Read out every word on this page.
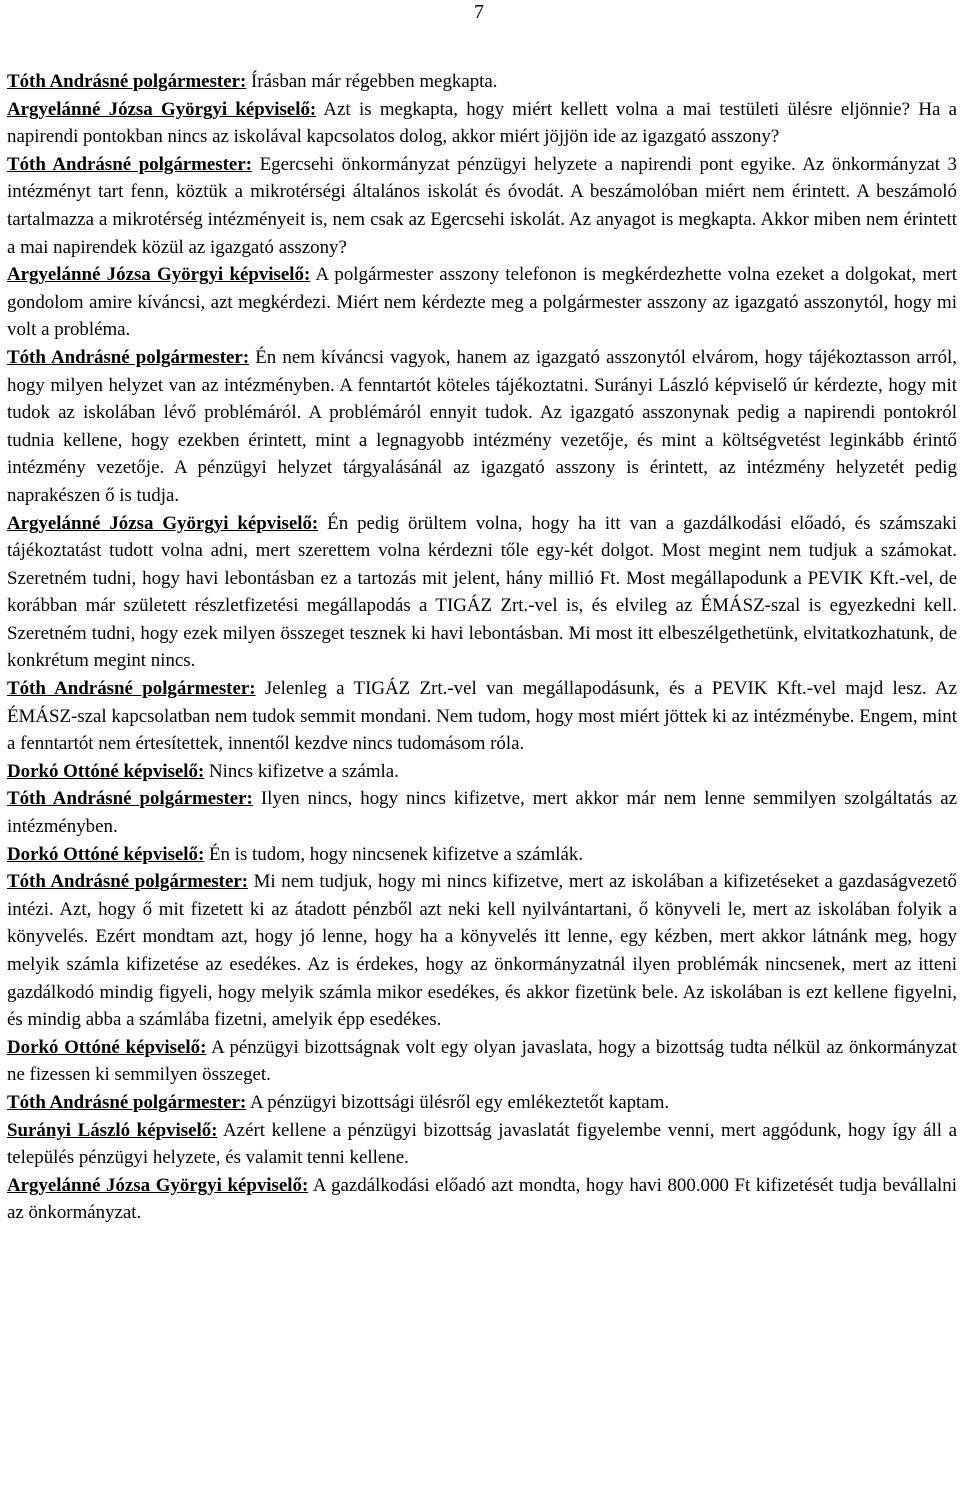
7

Tóth Andrásné polgármester: Írásban már régebben megkapta.

Argyelánné Józsa Györgyi képviselő: Azt is megkapta, hogy miért kellett volna a mai testületi ülésre eljönnie? Ha a napirendi pontokban nincs az iskolával kapcsolatos dolog, akkor miért jöjjön ide az igazgató asszony?

Tóth Andrásné polgármester: Egercsehi önkormányzat pénzügyi helyzete a napirendi pont egyike. Az önkormányzat 3 intézményt tart fenn, köztük a mikrotérségi általános iskolát és óvodát. A beszámolóban miért nem érintett. A beszámoló tartalmazza a mikrotérség intézményeit is, nem csak az Egercsehi iskolát. Az anyagot is megkapta. Akkor miben nem érintett a mai napirendek közül az igazgató asszony?

Argyelánné Józsa Györgyi képviselő: A polgármester asszony telefonon is megkérdezhette volna ezeket a dolgokat, mert gondolom amire kíváncsi, azt megkérdezi. Miért nem kérdezte meg a polgármester asszony az igazgató asszonytól, hogy mi volt a probléma.

Tóth Andrásné polgármester: Én nem kíváncsi vagyok, hanem az igazgató asszonytól elvárom, hogy tájékoztasson arról, hogy milyen helyzet van az intézményben. A fenntartót köteles tájékoztatni. Surányi László képviselő úr kérdezte, hogy mit tudok az iskolában lévő problémáról. A problémáról ennyit tudok. Az igazgató asszonynak pedig a napirendi pontokról tudnia kellene, hogy ezekben érintett, mint a legnagyobb intézmény vezetője, és mint a költségvetést leginkább érintő intézmény vezetője. A pénzügyi helyzet tárgyalásánál az igazgató asszony is érintett, az intézmény helyzetét pedig naprakészen ő is tudja.

Argyelánné Józsa Györgyi képviselő: Én pedig örültem volna, hogy ha itt van a gazdálkodási előadó, és számszaki tájékoztatást tudott volna adni, mert szerettem volna kérdezni tőle egy-két dolgot. Most megint nem tudjuk a számokat. Szeretném tudni, hogy havi lebontásban ez a tartozás mit jelent, hány millió Ft. Most megállapodunk a PEVIK Kft.-vel, de korábban már született részletfizetési megállapodás a TIGÁZ Zrt.-vel is, és elvileg az ÉMÁSZ-szal is egyezkedni kell. Szeretném tudni, hogy ezek milyen összeget tesznek ki havi lebontásban. Mi most itt elbeszélgethetünk, elvitatkozhatunk, de konkrétum megint nincs.

Tóth Andrásné polgármester: Jelenleg a TIGÁZ Zrt.-vel van megállapodásunk, és a PEVIK Kft.-vel majd lesz. Az ÉMÁSZ-szal kapcsolatban nem tudok semmit mondani. Nem tudom, hogy most miért jöttek ki az intézménybe. Engem, mint a fenntartót nem értesítettek, innentől kezdve nincs tudomásom róla.

Dorkó Ottóné képviselő: Nincs kifizetve a számla.

Tóth Andrásné polgármester: Ilyen nincs, hogy nincs kifizetve, mert akkor már nem lenne semmilyen szolgáltatás az intézményben.

Dorkó Ottóné képviselő: Én is tudom, hogy nincsenek kifizetve a számlák.

Tóth Andrásné polgármester: Mi nem tudjuk, hogy mi nincs kifizetve, mert az iskolában a kifizetéseket a gazdaságvezető intézi. Azt, hogy ő mit fizetett ki az átadott pénzből azt neki kell nyilvántartani, ő könyveli le, mert az iskolában folyik a könyvelés. Ezért mondtam azt, hogy jó lenne, hogy ha a könyvelés itt lenne, egy kézben, mert akkor látnánk meg, hogy melyik számla kifizetése az esedékes. Az is érdekes, hogy az önkormányzatnál ilyen problémák nincsenek, mert az itteni gazdálkodó mindig figyeli, hogy melyik számla mikor esedékes, és akkor fizetünk bele. Az iskolában is ezt kellene figyelni, és mindig abba a számlába fizetni, amelyik épp esedékes.

Dorkó Ottóné képviselő: A pénzügyi bizottságnak volt egy olyan javaslata, hogy a bizottság tudta nélkül az önkormányzat ne fizessen ki semmilyen összeget.

Tóth Andrásné polgármester: A pénzügyi bizottsági ülésről egy emlékeztetőt kaptam.

Surányi László képviselő: Azért kellene a pénzügyi bizottság javaslatát figyelembe venni, mert aggódunk, hogy így áll a település pénzügyi helyzete, és valamit tenni kellene.

Argyelánné Józsa Györgyi képviselő: A gazdálkodási előadó azt mondta, hogy havi 800.000 Ft kifizetését tudja bevállalni az önkormányzat.
